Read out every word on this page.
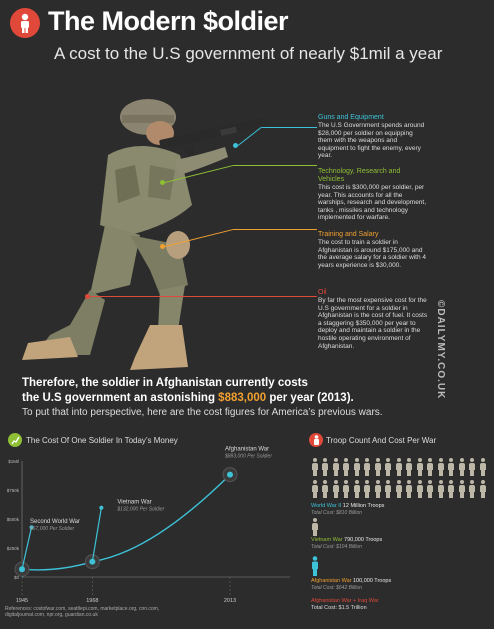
The Modern $oldier
A cost to the U.S government of nearly $1mil a year
Guns and Equipment
The U.S Government spends around $28,000 per soldier on equipping them with the weapons and equipment to fight the enemy, every year.
Technology, Research and Vehicles
This cost is $300,000 per soldier, per year. This accounts for all the warships, research and development, tanks , missiles and technology implemented for warfare.
Training and Salary
The cost to train a soldier in Afghanistan is around $175,000 and the average salary for a soldier with 4 years experience is $30,000.
Oil
By far the most expensive cost for the U.S government for a soldier in Afghanistan is the cost of fuel. It costs a staggering $350,000 per year to deploy and maintain a soldier in the hostile operating environment of Afghanistan.	©DAILYMY.CO.UK
Therefore, the soldier in Afghanistan currently costs
the U.S government an astonishing $883,000 per year (2013).
To put that into perspective, here are the cost figures for America’s previous wars.
The Cost Of One Soldier In Today’s Money
$0
$250k
$500k
$750k
$1Mil
1945	1968	2013
Second World War
$67,000 Per Soldier
Vietnam War
$132,000 Per Soldier
Afghanistan War
$883,000 Per Soldier
Troop Count And Cost Per War
World War II 12 Million Troops
Total Cost: $810 Billion
Vietnam War 790,000 Troops
Total Cost: $104 Billion
Afghanistan War 100,000 Troops
Total Cost: $642 Billion
Afghanistan War + Iraq War
Total Cost: $1.5 Trillion
References: costofwar.com, seattlepi.com, marketplace.org, cnn.com,
digitaljournal.com, npr.org, guardian.co.uk
